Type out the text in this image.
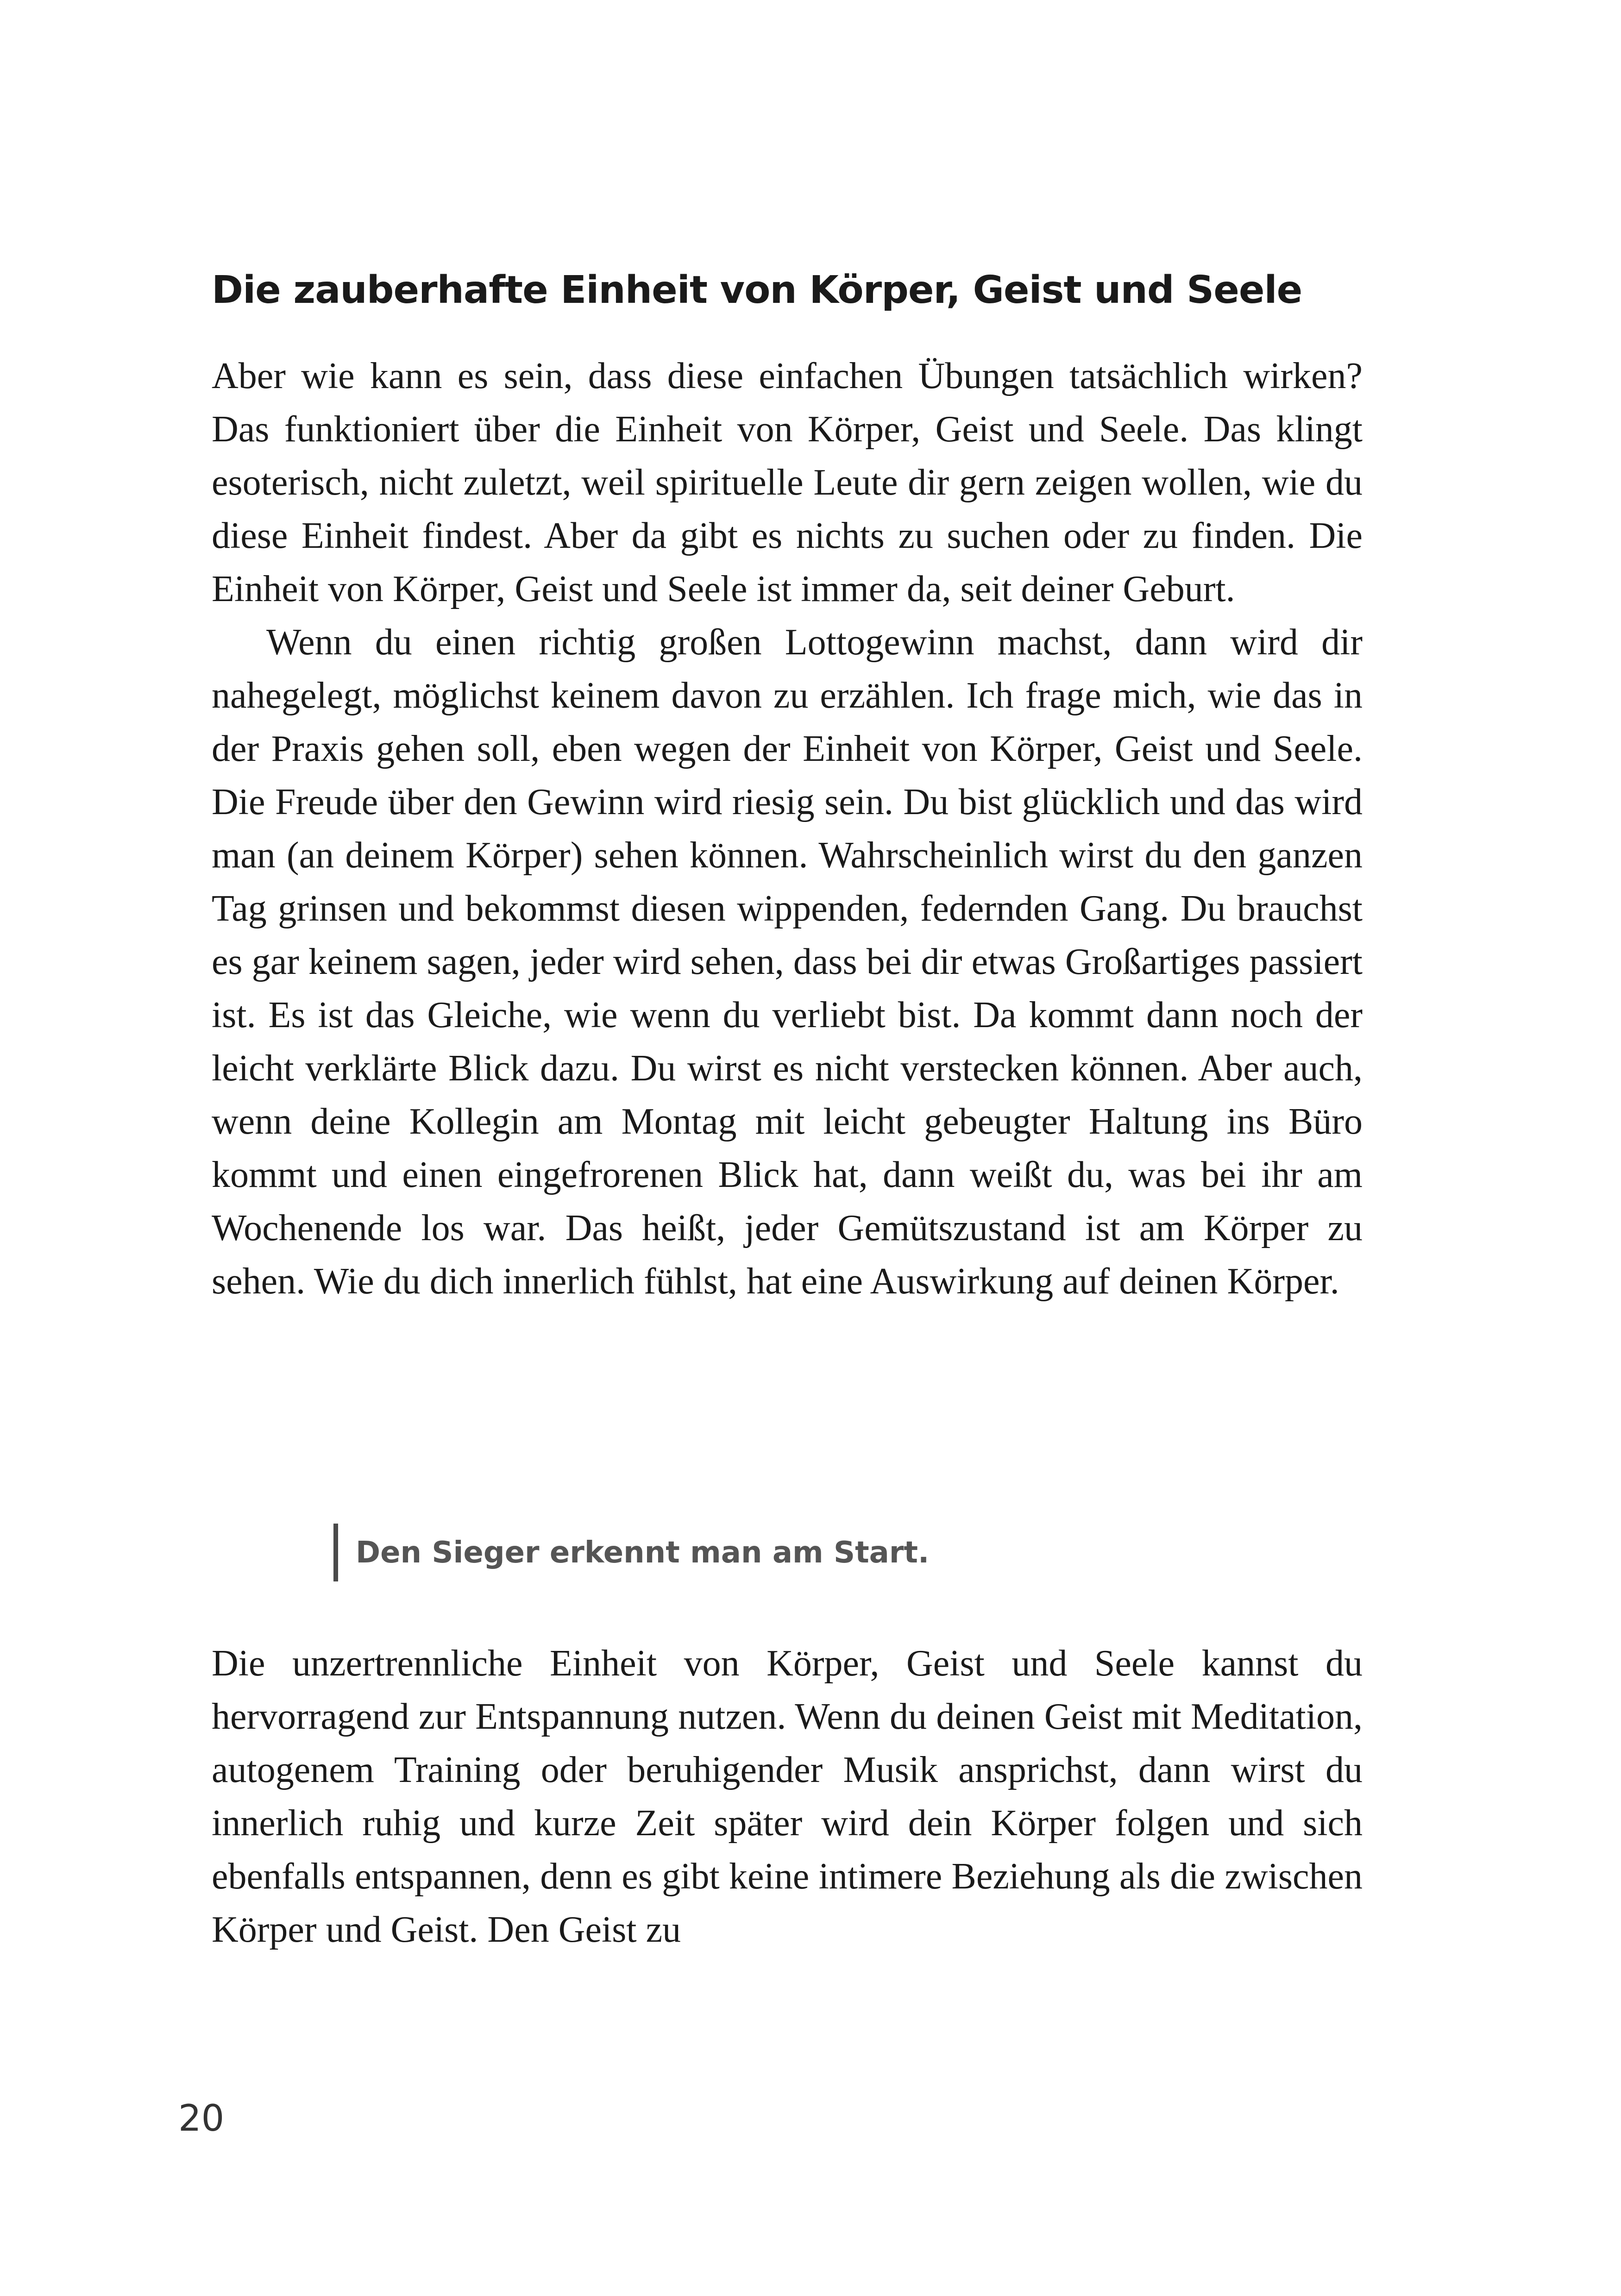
Die zauberhafte Einheit von Körper, Geist und Seele

Aber wie kann es sein, dass diese einfachen Übungen tatsächlich wirken? Das funktioniert über die Einheit von Körper, Geist und Seele. Das klingt esoterisch, nicht zuletzt, weil spirituelle Leute dir gern zeigen wollen, wie du diese Einheit findest. Aber da gibt es nichts zu suchen oder zu finden. Die Einheit von Körper, Geist und Seele ist immer da, seit deiner Geburt.

Wenn du einen richtig großen Lottogewinn machst, dann wird dir nahegelegt, möglichst keinem davon zu erzählen. Ich frage mich, wie das in der Praxis gehen soll, eben wegen der Einheit von Körper, Geist und Seele. Die Freude über den Gewinn wird riesig sein. Du bist glücklich und das wird man (an deinem Körper) sehen können. Wahrscheinlich wirst du den ganzen Tag grinsen und bekommst diesen wippenden, federnden Gang. Du brauchst es gar keinem sagen, jeder wird sehen, dass bei dir etwas Großartiges passiert ist. Es ist das Gleiche, wie wenn du verliebt bist. Da kommt dann noch der leicht verklärte Blick dazu. Du wirst es nicht verstecken können. Aber auch, wenn deine Kollegin am Montag mit leicht gebeugter Haltung ins Büro kommt und einen eingefrorenen Blick hat, dann weißt du, was bei ihr am Wochenende los war. Das heißt, jeder Gemütszustand ist am Körper zu sehen. Wie du dich innerlich fühlst, hat eine Auswirkung auf deinen Körper.

Den Sieger erkennt man am Start.

Die unzertrennliche Einheit von Körper, Geist und Seele kannst du hervorragend zur Entspannung nutzen. Wenn du deinen Geist mit Meditation, autogenem Training oder beruhigender Musik ansprichst, dann wirst du innerlich ruhig und kurze Zeit später wird dein Körper folgen und sich ebenfalls entspannen, denn es gibt keine intimere Beziehung als die zwischen Körper und Geist. Den Geist zu

20
